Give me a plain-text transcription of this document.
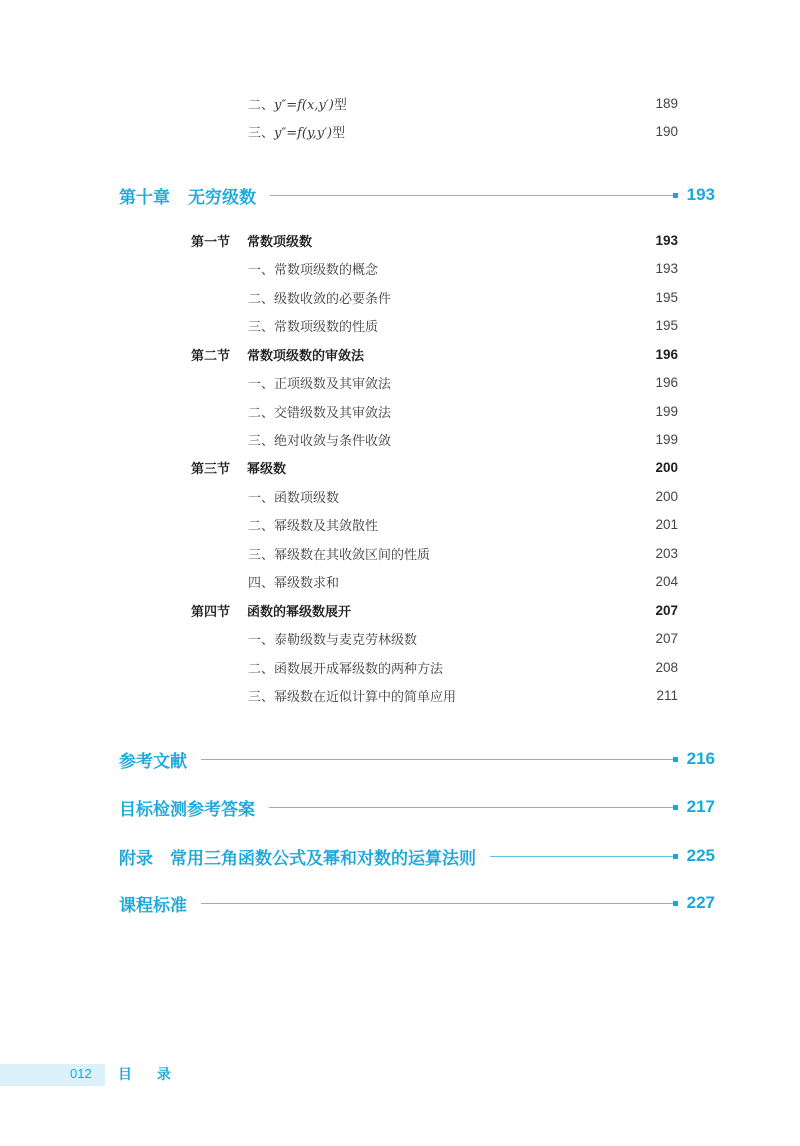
二、y″=f(x,y′)型	189
三、y″=f(y,y′)型	190
第十章 无穷级数	193
第一节	常数项级数	193
一、常数项级数的概念	193
二、级数收敛的必要条件	195
三、常数项级数的性质	195
第二节	常数项级数的审敛法	196
一、正项级数及其审敛法	196
二、交错级数及其审敛法	199
三、绝对收敛与条件收敛	199
第三节	幂级数	200
一、函数项级数	200
二、幂级数及其敛散性	201
三、幂级数在其收敛区间的性质	203
四、幂级数求和	204
第四节	函数的幂级数展开	207
一、泰勒级数与麦克劳林级数	207
二、函数展开成幂级数的两种方法	208
三、幂级数在近似计算中的简单应用	211
参考文献	216
目标检测参考答案	217
附录　常用三角函数公式及幂和对数的运算法则	225
课程标准	227
012 目 录
